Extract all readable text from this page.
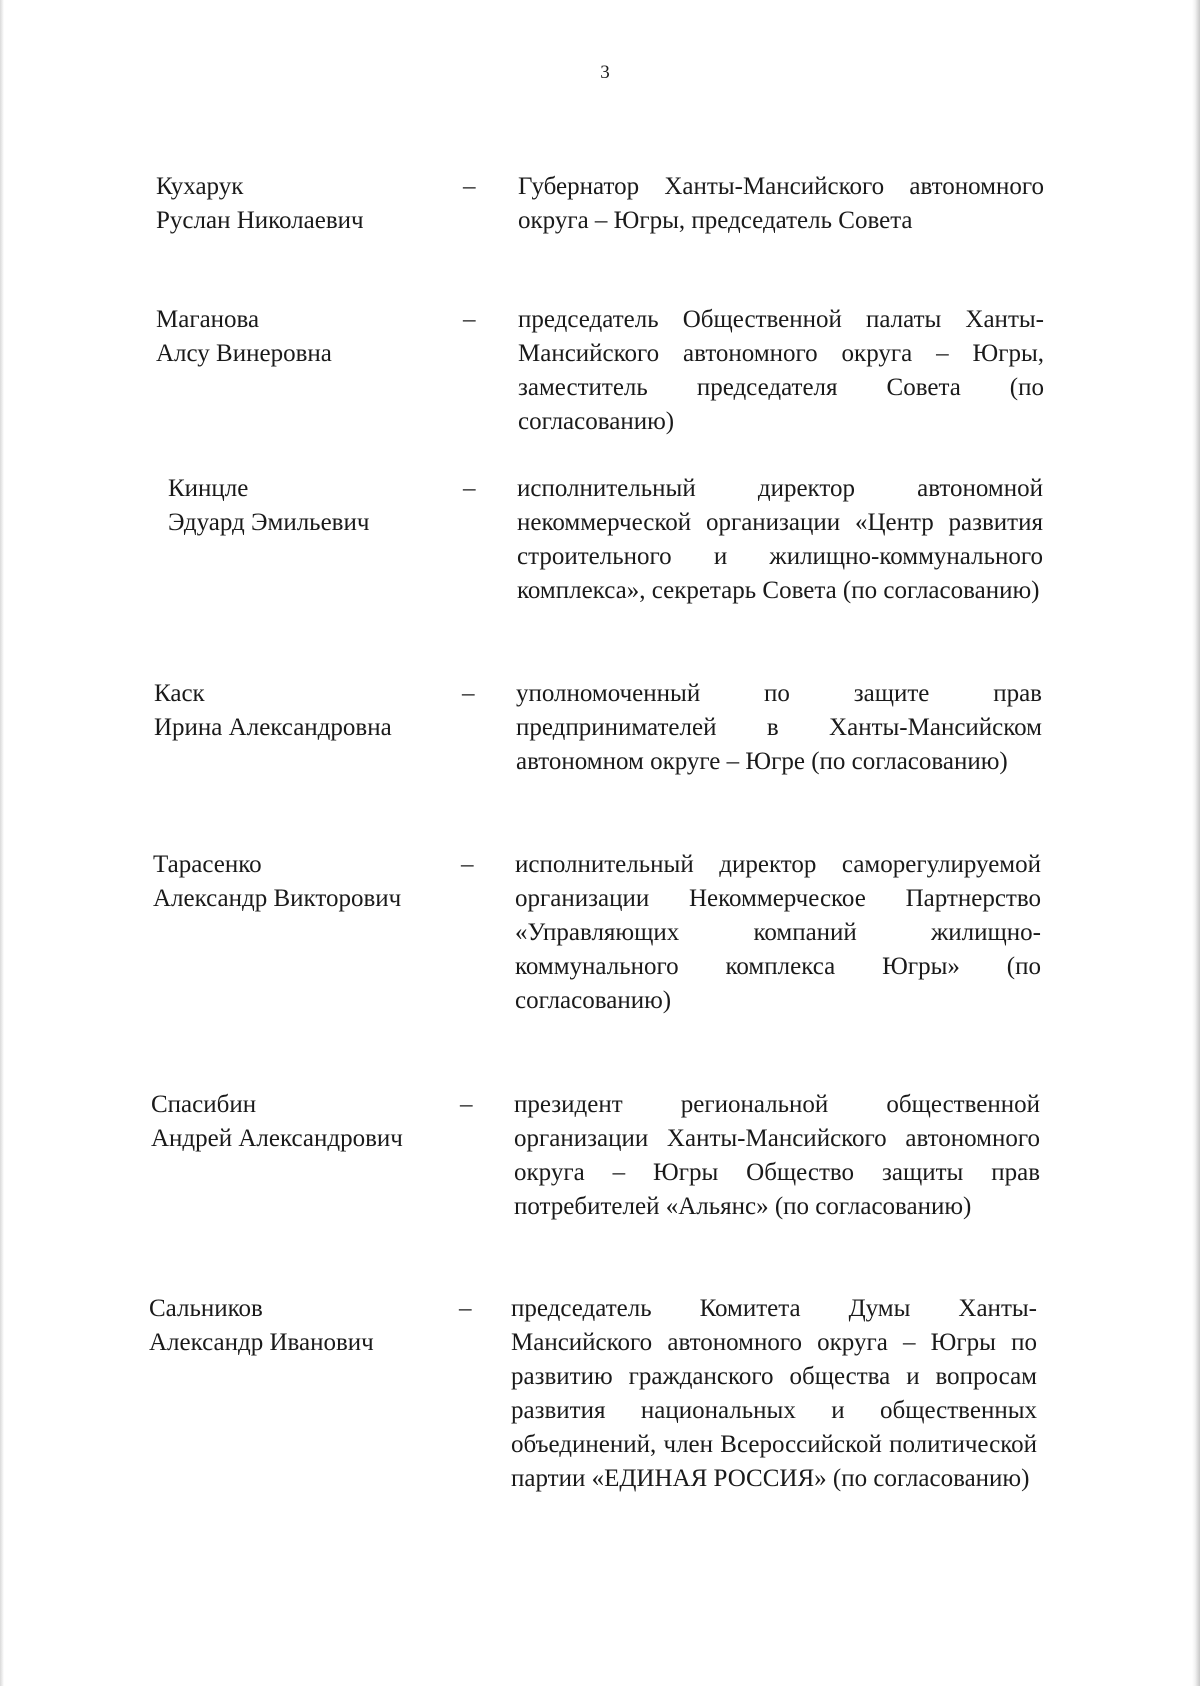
3
Кухарук
Руслан Николаевич
– Губернатор Ханты-Мансийского автономного округа – Югры, председатель Совета
Маганова
Алсу Винеровна
– председатель Общественной палаты Ханты-Мансийского автономного округа – Югры, заместитель председателя Совета (по согласованию)
Кинцле
Эдуард Эмильевич
– исполнительный директор автономной некоммерческой организации «Центр развития строительного и жилищно-коммунального комплекса», секретарь Совета (по согласованию)
Каск
Ирина Александровна
– уполномоченный по защите прав предпринимателей в Ханты-Мансийском автономном округе – Югре (по согласованию)
Тарасенко
Александр Викторович
– исполнительный директор саморегулируемой организации Некоммерческое Партнерство «Управляющих компаний жилищно-коммунального комплекса Югры» (по согласованию)
Спасибин
Андрей Александрович
– президент региональной общественной организации Ханты-Мансийского автономного округа – Югры Общество защиты прав потребителей «Альянс» (по согласованию)
Сальников
Александр Иванович
– председатель Комитета Думы Ханты-Мансийского автономного округа – Югры по развитию гражданского общества и вопросам развития национальных и общественных объединений, член Всероссийской политической партии «ЕДИНАЯ РОССИЯ» (по согласованию)
